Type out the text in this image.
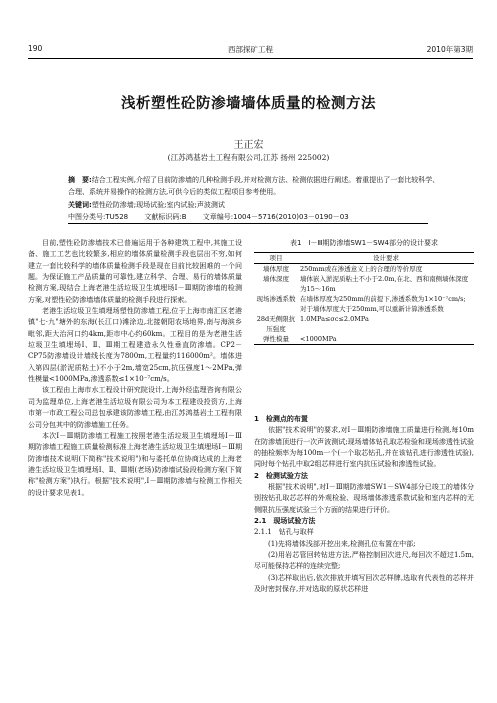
190	西部探矿工程	2010年第3期
浅析塑性砼防渗墙墙体质量的检测方法
王正宏
(江苏鸿基岩土工程有限公司,江苏 扬州 225002)
摘　要:结合工程实例,介绍了目前防渗墙的几种检测手段,并对检测方法、检测依据进行阐述。着重提出了一套比较科学、合理、系统并易操作的检测方法,可供今后的类似工程项目参考使用。
关键词:塑性砼防渗墙;现场试验;室内试验;声波测试
中图分类号:TU528 文献标识码:B 文章编号:1004－5716(2010)03－0190－03

目前,塑性砼防渗墙技术已普遍运用于各种建筑工程中,其施工设备、施工工艺也比较繁多,相应的墙体质量检测手段也层出不穷,如何建立一套比较科学的墙体质量检测手段是现在目前比较困难的一个问题。为保证施工产品质量的可靠性,建立科学、合理、易行的墙体质量检测方案,现结合上海老港生活垃圾卫生填埋场Ⅰ－Ⅲ期防渗墙的检测方案,对塑性砼防渗墙墙体质量的检测手段进行探索。

老港生活垃圾卫生填埋场塑性防渗墙工程,位于上海市南汇区老港镇"七·九"塘外的东海(长江口)滩涂边,北接朝阳农场地界,南与海滨乡毗邻,距大治河口约4km,距市中心约60km。工程目的是为老港生活垃圾卫生填埋场Ⅰ、Ⅱ、Ⅲ期工程建造永久性垂直防渗墙。CP2－CP75防渗墙设计墙线长度为7800m,工程量约116000m²。墙体进入第四层(淤泥质粘土)不小于2m,墙宽25cm,抗压强度1～2MPa,弹性模量<1000MPa,渗透系数≤1×10⁻⁷cm/s。

该工程由上海市水工程设计研究院设计,上海外经监理咨询有限公司为监理单位,上海老港生活垃圾有限公司为本工程建设投资方,上海市第一市政工程公司总包承建该防渗墙工程,由江苏鸿基岩土工程有限公司分包其中的防渗墙施工任务。

本次Ⅰ－Ⅲ期防渗墙工程施工按照老港生活垃圾卫生填埋场Ⅰ－Ⅲ期防渗墙工程施工质量检测标准上海老港生活垃圾卫生填埋场Ⅰ－Ⅲ期防渗墙技术说明(下简称"技术说明")和与委托单位协商达成的上海老港生活垃圾卫生填埋场Ⅰ、Ⅱ、Ⅲ期(老场)防渗墙试验段检测方案(下简称"检测方案")执行。根据"技术说明",Ⅰ－Ⅲ期防渗墙与检测工作相关的设计要求见表1。

表1　Ⅰ－Ⅲ期防渗墙SW1－SW4部分的设计要求
项目	设计要求
墙体厚度	250mm或在渗透意义上的合理的等价厚度
墙体深度	墙体嵌入淤泥质粘土不小于2.0m,在北、西和南侧墙体深度为15～16m
现场渗透系数	在墙体厚度为250mm的前提下,渗透系数为1×10⁻⁷cm/s;对于墙体厚度大于250mm,可以重新计算渗透系数
28d无侧限抗压强度	1.0MPa≤σc≤2.0MPa
弹性模量	<1000MPa

1　检测点的布置

依据"技术说明"的要求,对Ⅰ－Ⅲ期防渗墙施工质量进行检测,每10m在防渗墙顶进行一次声波测试;现场墙体钻孔取芯检验和现场渗透性试验的抽检频率为每100m一个(一个取芯钻孔,并在该钻孔进行渗透性试验),同时每个钻孔中取2组芯样进行室内抗压试验和渗透性试验。

2　检测试验方法

根据"技术说明",对Ⅰ－Ⅲ期防渗墙SW1－SW4部分已竣工的墙体分别按钻孔取芯芯样的外观检验、现场墙体渗透系数试验和室内芯样的无侧限抗压强度试验三个方面的结果进行评价。

2.1　现场试验方法

2.1.1　钻孔与取样

(1)先将墙体浅部开挖出来,检测孔位布置在中部;

(2)用岩芯管回转钻进方法,严格控制回次进尺,每回次不超过1.5m,尽可能保持芯样的连续完整;

(3)芯样取出后,依次排放并填写回次芯样牌,选取有代表性的芯样并及时密封保存,并对选取的原状芯样进
